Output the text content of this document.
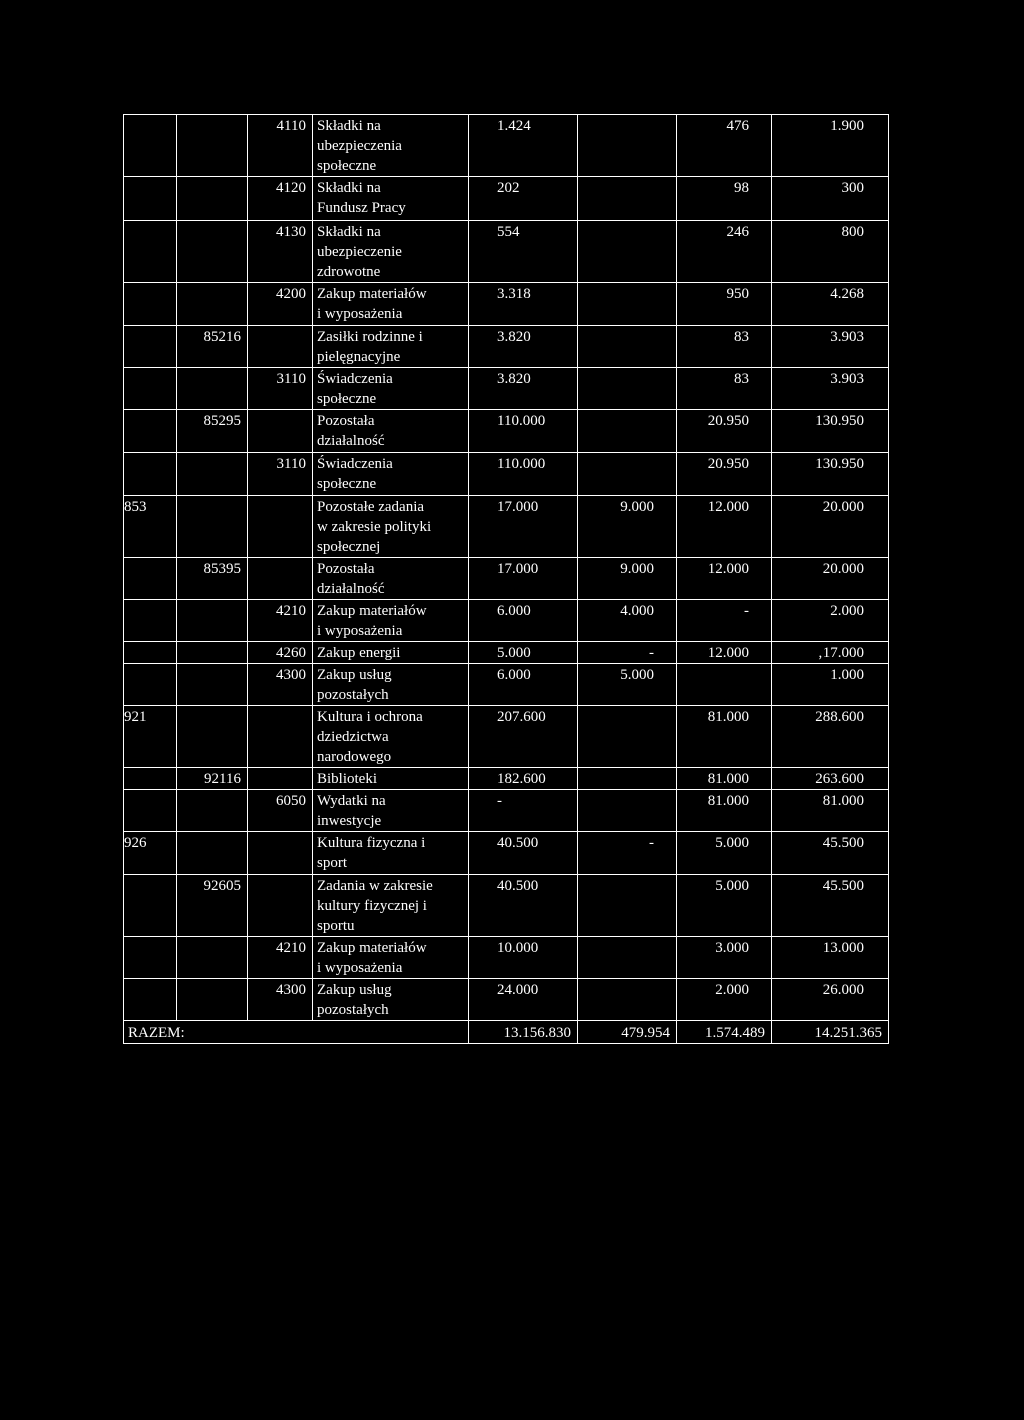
		4110	Składki na
ubezpieczenia
społeczne	1.424		476	1.900
		4120	Składki na
Fundusz Pracy	202		98	300
		4130	Składki na
ubezpieczenie
zdrowotne	554		246	800
		4200	Zakup materiałów
i wyposażenia	3.318		950	4.268
	85216		Zasiłki rodzinne i
pielęgnacyjne	3.820		83	3.903
		3110	Świadczenia
społeczne	3.820		83	3.903
	85295		Pozostała
działalność	110.000		20.950	130.950
		3110	Świadczenia
społeczne	110.000		20.950	130.950
853			Pozostałe zadania
w zakresie polityki
społecznej	17.000	9.000	12.000	20.000
	85395		Pozostała
działalność	17.000	9.000	12.000	20.000
		4210	Zakup materiałów
i wyposażenia	6.000	4.000	-	2.000
		4260	Zakup energii	5.000	-	12.000	‚17.000
		4300	Zakup usług
pozostałych	6.000	5.000		1.000
921			Kultura i ochrona
dziedzictwa
narodowego	207.600		81.000	288.600
	92116		Biblioteki	182.600		81.000	263.600
		6050	Wydatki na
inwestycje	-		81.000	81.000
926			Kultura fizyczna i
sport	40.500	-	5.000	45.500
	92605		Zadania w zakresie
kultury fizycznej i
sportu	40.500		5.000	45.500
		4210	Zakup materiałów
i wyposażenia	10.000		3.000	13.000
		4300	Zakup usług
pozostałych	24.000		2.000	26.000
RAZEM:				13.156.830	479.954	1.574.489	14.251.365
